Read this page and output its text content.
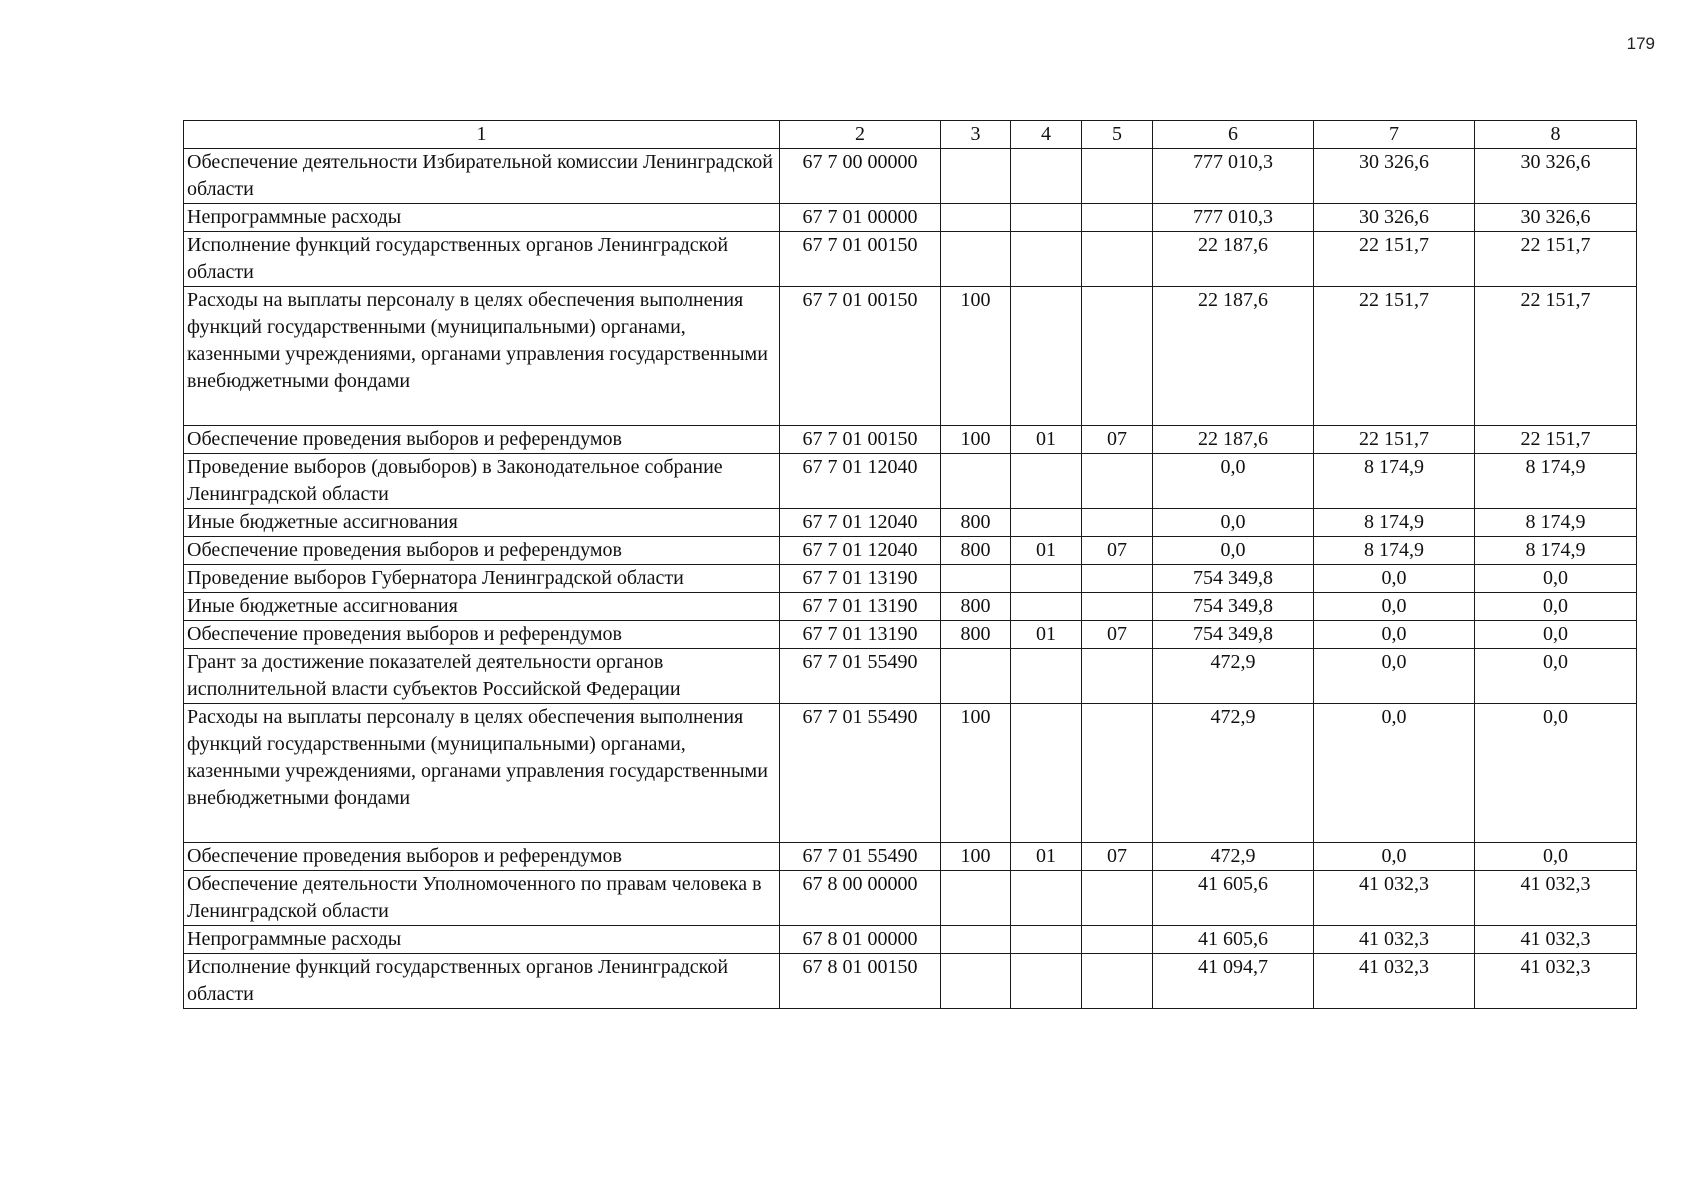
179
1	2	3	4	5	6	7	8
Обеспечение деятельности Избирательной комиссии Ленинградской области	67 7 00 00000				777 010,3	30 326,6	30 326,6
Непрограммные расходы	67 7 01 00000				777 010,3	30 326,6	30 326,6
Исполнение функций государственных органов Ленинградской области	67 7 01 00150				22 187,6	22 151,7	22 151,7
Расходы на выплаты персоналу в целях обеспечения выполнения функций государственными (муниципальными) органами, казенными учреждениями, органами управления государственными внебюджетными фондами	67 7 01 00150	100			22 187,6	22 151,7	22 151,7
Обеспечение проведения выборов и референдумов	67 7 01 00150	100	01	07	22 187,6	22 151,7	22 151,7
Проведение выборов (довыборов) в Законодательное собрание Ленинградской области	67 7 01 12040				0,0	8 174,9	8 174,9
Иные бюджетные ассигнования	67 7 01 12040	800			0,0	8 174,9	8 174,9
Обеспечение проведения выборов и референдумов	67 7 01 12040	800	01	07	0,0	8 174,9	8 174,9
Проведение выборов Губернатора Ленинградской области	67 7 01 13190				754 349,8	0,0	0,0
Иные бюджетные ассигнования	67 7 01 13190	800			754 349,8	0,0	0,0
Обеспечение проведения выборов и референдумов	67 7 01 13190	800	01	07	754 349,8	0,0	0,0
Грант за достижение показателей деятельности органов исполнительной власти субъектов Российской Федерации	67 7 01 55490				472,9	0,0	0,0
Расходы на выплаты персоналу в целях обеспечения выполнения функций государственными (муниципальными) органами, казенными учреждениями, органами управления государственными внебюджетными фондами	67 7 01 55490	100			472,9	0,0	0,0
Обеспечение проведения выборов и референдумов	67 7 01 55490	100	01	07	472,9	0,0	0,0
Обеспечение деятельности Уполномоченного по правам человека в Ленинградской области	67 8 00 00000				41 605,6	41 032,3	41 032,3
Непрограммные расходы	67 8 01 00000				41 605,6	41 032,3	41 032,3
Исполнение функций государственных органов Ленинградской области	67 8 01 00150				41 094,7	41 032,3	41 032,3
